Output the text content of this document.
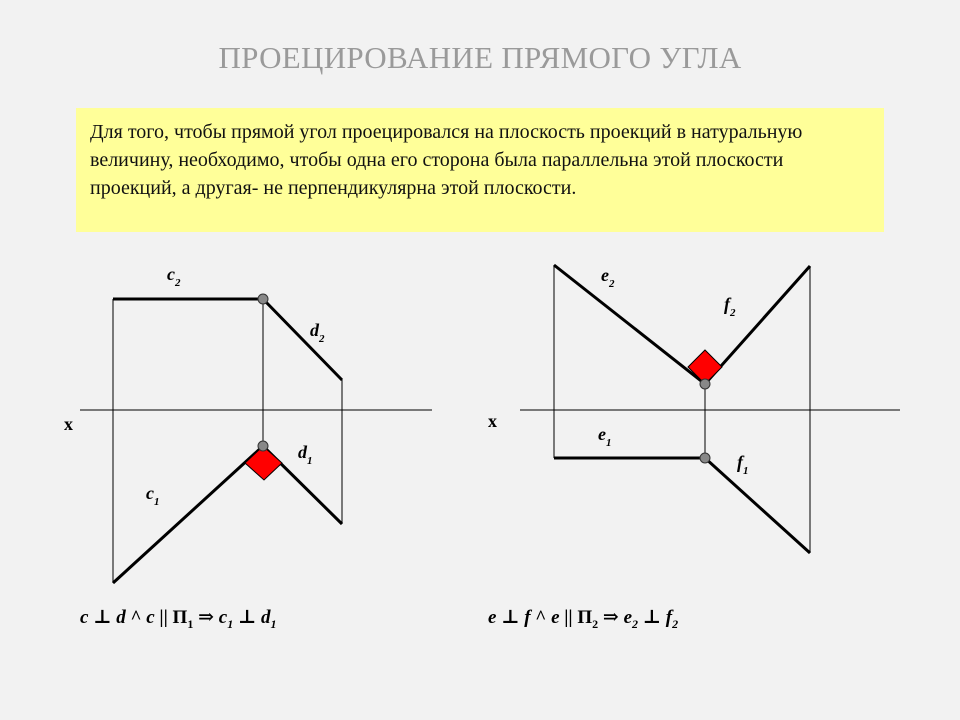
ПРОЕЦИРОВАНИЕ ПРЯМОГО УГЛА
Для того, чтобы прямой угол проецировался на плоскость проекций в натуральную величину, необходимо, чтобы одна его сторона была параллельна этой плоскости проекций, а другая- не перпендикулярна этой плоскости.
$c_2$
$d_2$
$c_1$
$d_1$
x
$e_2$
$f_2$
$e_1$
$f_1$
x
c ⊥ d ^ c || $П_1$ ⇒ $c_1$ ⊥ $d_1$	e ⊥ f ^ e || $П_2$ ⇒ $e_2$ ⊥ $f_2$
